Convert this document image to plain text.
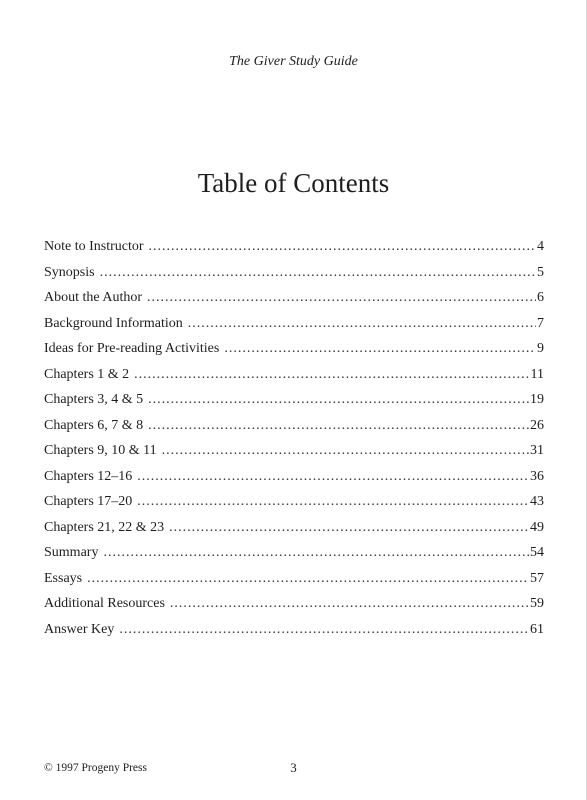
The Giver Study Guide
Table of Contents
Note to Instructor .....	4
Synopsis .....	5
About the Author .....	6
Background Information .....	7
Ideas for Pre-reading Activities .....	9
Chapters 1 & 2 .....	11
Chapters 3, 4 & 5 .....	19
Chapters 6, 7 & 8 .....	26
Chapters 9, 10 & 11 .....	31
Chapters 12–16 .....	36
Chapters 17–20 .....	43
Chapters 21, 22 & 23 .....	49
Summary .....	54
Essays .....	57
Additional Resources .....	59
Answer Key .....	61
© 1997 Progeny Press	3
